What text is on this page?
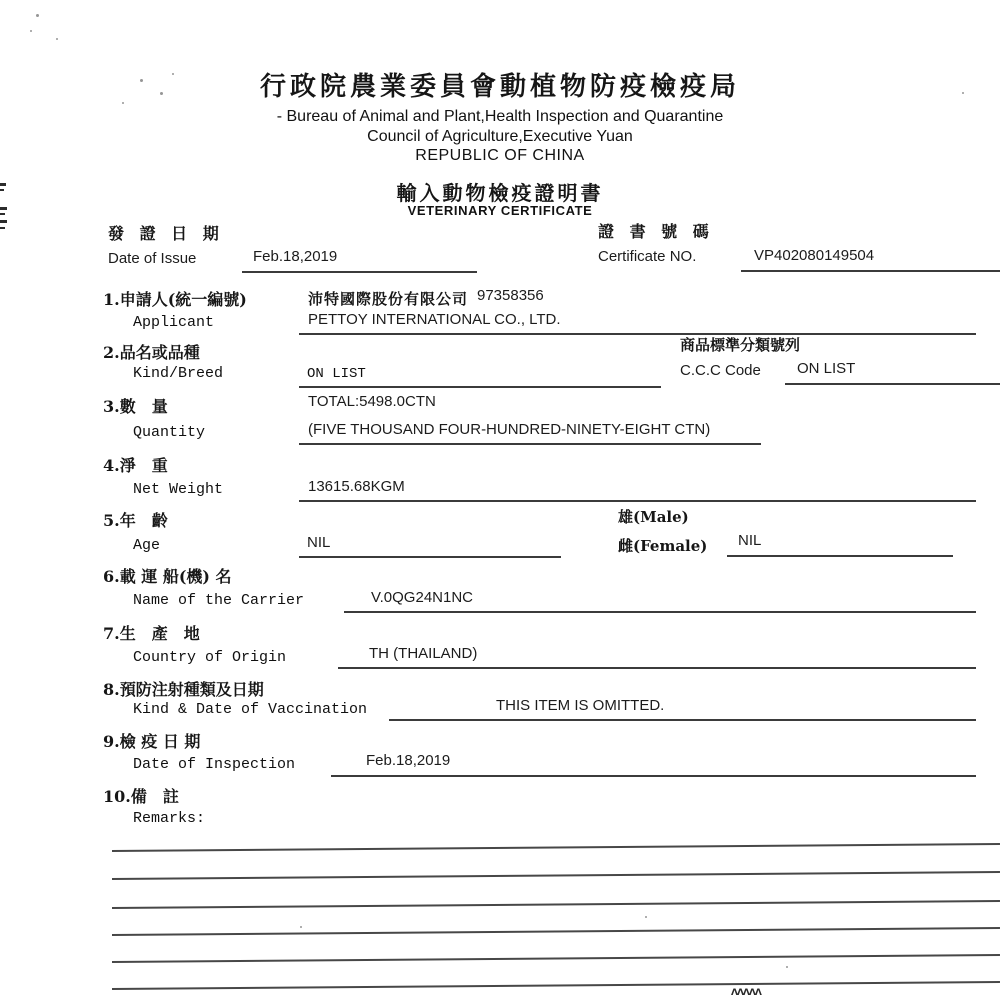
行政院農業委員會動植物防疫檢疫局
- Bureau of Animal and Plant,Health Inspection and Quarantine
Council of Agriculture,Executive Yuan
REPUBLIC OF CHINA
輸入動物檢疫證明書
VETERINARY CERTIFICATE
發 證 日 期
Date of Issue	Feb.18,2019
證 書 號 碼
Certificate NO.	VP402080149504
1.申請人(統一編號)	沛特國際股份有限公司 97358356
Applicant	PETTOY INTERNATIONAL CO., LTD.
2.品名或品種	商品標準分類號列
Kind/Breed	ON LIST	C.C.C Code ON LIST
3.數　量	TOTAL:5498.0CTN
Quantity	(FIVE THOUSAND FOUR-HUNDRED-NINETY-EIGHT CTN)
4.淨　重
Net Weight	13615.68KGM
5.年　齡	雄(Male)
Age	NIL	雌(Female) NIL
6.載 運 船(機) 名
Name of the Carrier	V.0QG24N1NC
7.生　產　地
Country of Origin	TH (THAILAND)
8.預防注射種類及日期
Kind & Date of Vaccination	THIS ITEM IS OMITTED.
9.檢 疫 日 期
Date of Inspection	Feb.18,2019
10.備　註
Remarks:
ΛΛΛΛΛ
